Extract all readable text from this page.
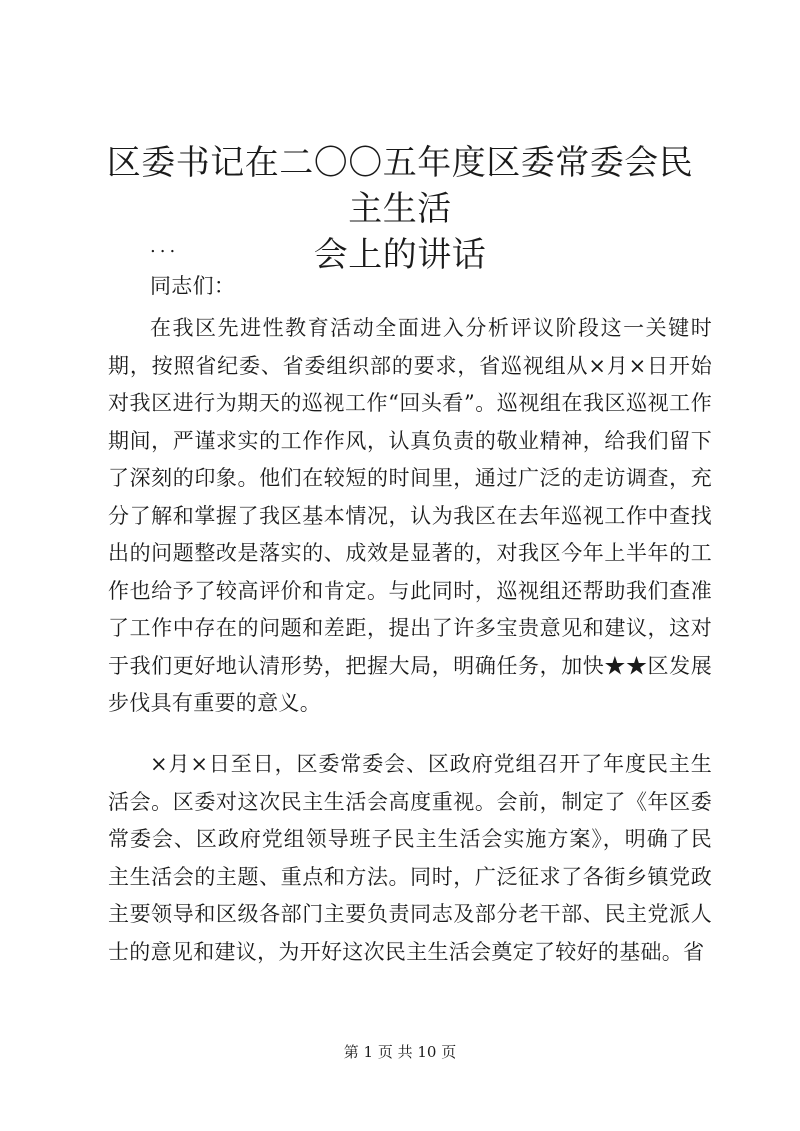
区委书记在二〇〇五年度区委常委会民主生活
会上的讲话
...

同志们：

在我区先进性教育活动全面进入分析评议阶段这一关键时期，按照省纪委、省委组织部的要求，省巡视组从×月×日开始对我区进行为期天的巡视工作“回头看”。巡视组在我区巡视工作期间，严谨求实的工作作风，认真负责的敬业精神，给我们留下了深刻的印象。他们在较短的时间里，通过广泛的走访调查，充分了解和掌握了我区基本情况，认为我区在去年巡视工作中查找出的问题整改是落实的、成效是显著的，对我区今年上半年的工作也给予了较高评价和肯定。与此同时，巡视组还帮助我们查准了工作中存在的问题和差距，提出了许多宝贵意见和建议，这对于我们更好地认清形势，把握大局，明确任务，加快★★区发展步伐具有重要的意义。

×月×日至日，区委常委会、区政府党组召开了年度民主生活会。区委对这次民主生活会高度重视。会前，制定了《年区委常委会、区政府党组领导班子民主生活会实施方案》，明确了民主生活会的主题、重点和方法。同时，广泛征求了各街乡镇党政主要领导和区级各部门主要负责同志及部分老干部、民主党派人士的意见和建议，为开好这次民主生活会奠定了较好的基础。省

第 1 页 共 10 页
